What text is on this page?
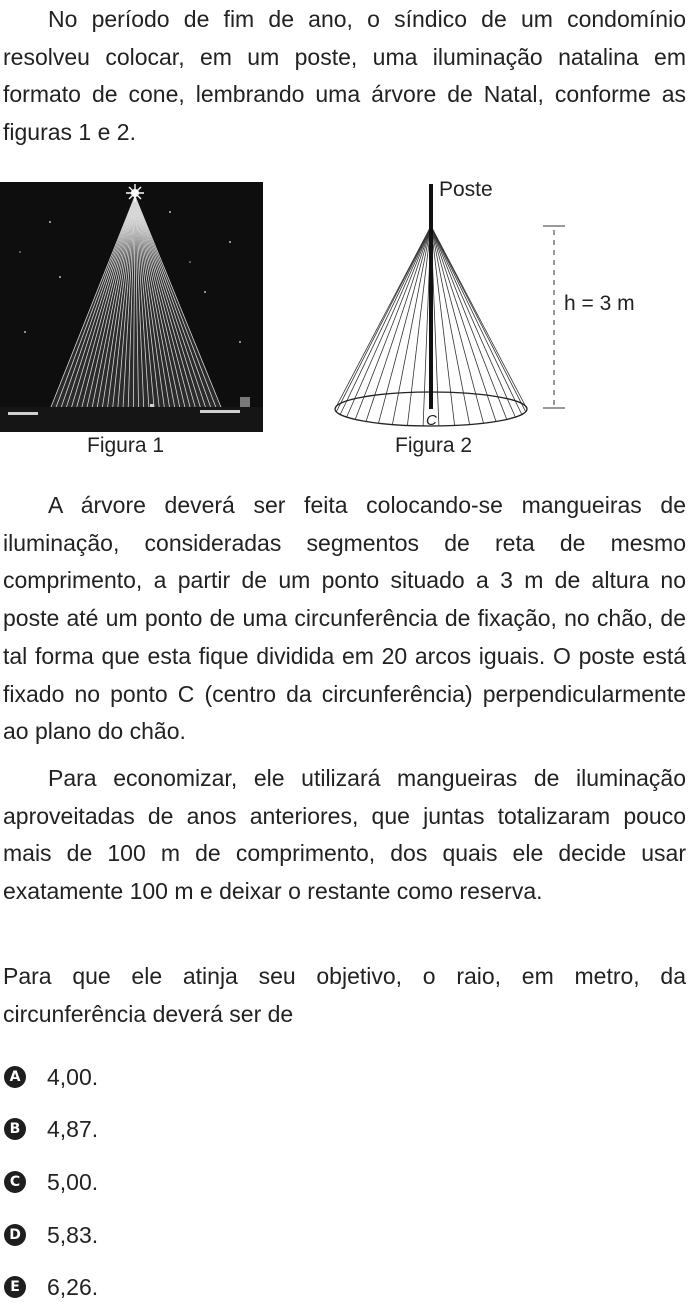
No período de fim de ano, o síndico de um condomínio resolveu colocar, em um poste, uma iluminação natalina em formato de cone, lembrando uma árvore de Natal, conforme as figuras 1 e 2.

Poste
C
h = 3 m
Figura 1	Figura 2

A árvore deverá ser feita colocando-se mangueiras de iluminação, consideradas segmentos de reta de mesmo comprimento, a partir de um ponto situado a 3 m de altura no poste até um ponto de uma circunferência de fixação, no chão, de tal forma que esta fique dividida em 20 arcos iguais. O poste está fixado no ponto C (centro da circunferência) perpendicularmente ao plano do chão.

Para economizar, ele utilizará mangueiras de iluminação aproveitadas de anos anteriores, que juntas totalizaram pouco mais de 100 m de comprimento, dos quais ele decide usar exatamente 100 m e deixar o restante como reserva.

Para que ele atinja seu objetivo, o raio, em metro, da circunferência deverá ser de

A 4,00.
B 4,87.
C 5,00.
D 5,83.
E 6,26.
